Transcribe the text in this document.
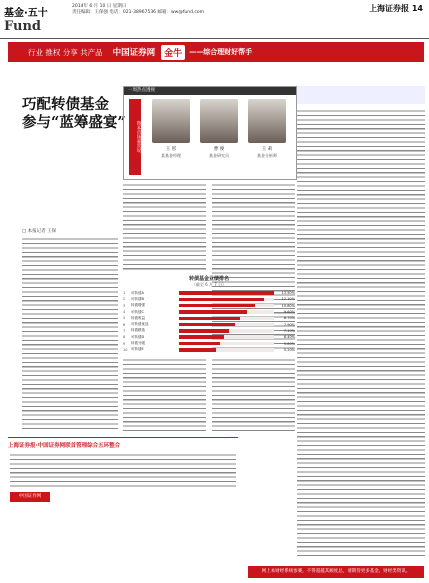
基金·五十
Fund
2014年 6 月 10 日 星期日
责任编辑：王保强 电话：021-38967536 邮箱：ww@fund.com	上海证券报 14
行业 推权 分享 共产品 中国证券网	金牛	——综合理财好帮手
巧配转债基金
参与“蓝筹盛宴”
□ 本报记者 王保
一周热点透视
资本市场嘉宾说	王 彤
某基金经理
曹 俊
基金研究员
王 莉
基金分析师
转债基金业绩排名
（截至 6 月 7 日）
1	可转债A	13.50%
2	可转债B	12.10%
3	转债增强	10.80%
4	可转债C	9.60%
5	转债收益	8.70%
6	可转债优选	7.90%
7	转债精选	7.10%
8	可转债D	6.40%
9	转债分级	5.80%
10	可转债E	5.20%
上海证券报·中国证券网联首管理综合五环整合
中国证券网
网上本财经系统参赛，不得超越其额度总，请期待更多基金、财经类资讯。
